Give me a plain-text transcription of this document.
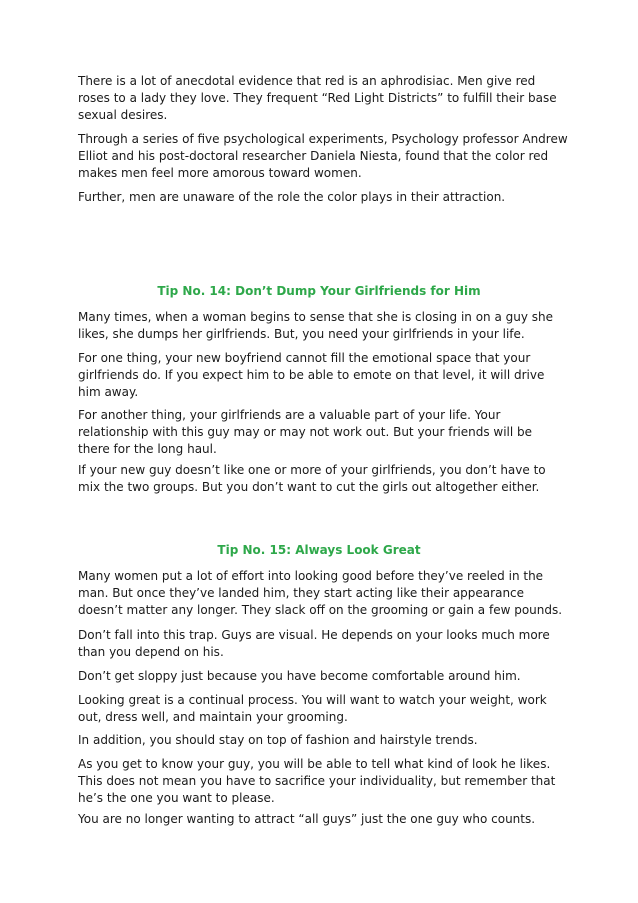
There is a lot of anecdotal evidence that red is an aphrodisiac. Men give red
roses to a lady they love. They frequent “Red Light Districts” to fulfill their base
sexual desires.
Through a series of five psychological experiments, Psychology professor Andrew
Elliot and his post-doctoral researcher Daniela Niesta, found that the color red
makes men feel more amorous toward women.
Further, men are unaware of the role the color plays in their attraction.

Tip No. 14: Don’t Dump Your Girlfriends for Him

Many times, when a woman begins to sense that she is closing in on a guy she
likes, she dumps her girlfriends. But, you need your girlfriends in your life.
For one thing, your new boyfriend cannot fill the emotional space that your
girlfriends do. If you expect him to be able to emote on that level, it will drive
him away.
For another thing, your girlfriends are a valuable part of your life. Your
relationship with this guy may or may not work out. But your friends will be
there for the long haul.
If your new guy doesn’t like one or more of your girlfriends, you don’t have to
mix the two groups. But you don’t want to cut the girls out altogether either.

Tip No. 15: Always Look Great

Many women put a lot of effort into looking good before they’ve reeled in the
man. But once they’ve landed him, they start acting like their appearance
doesn’t matter any longer. They slack off on the grooming or gain a few pounds.
Don’t fall into this trap. Guys are visual. He depends on your looks much more
than you depend on his.
Don’t get sloppy just because you have become comfortable around him.
Looking great is a continual process. You will want to watch your weight, work
out, dress well, and maintain your grooming.
In addition, you should stay on top of fashion and hairstyle trends.
As you get to know your guy, you will be able to tell what kind of look he likes.
This does not mean you have to sacrifice your individuality, but remember that
he’s the one you want to please.
You are no longer wanting to attract “all guys” just the one guy who counts.
